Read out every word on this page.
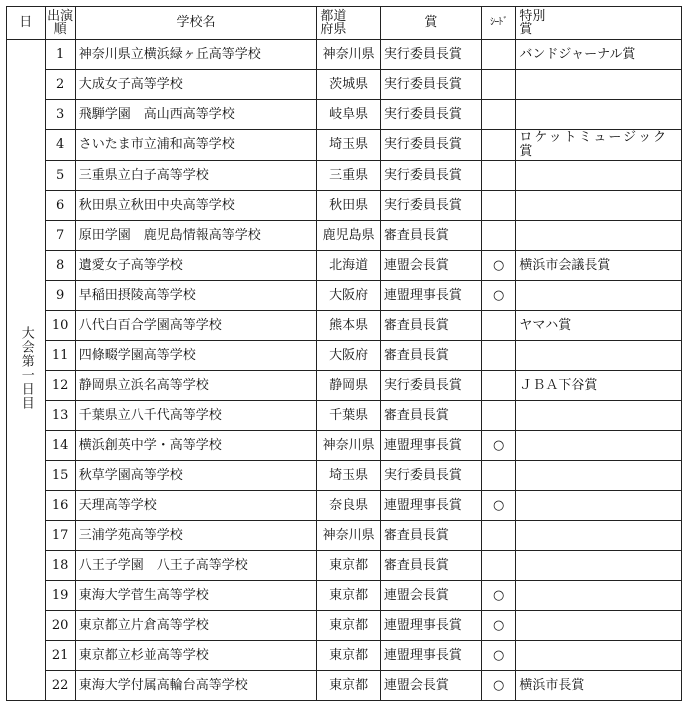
日	出演順	学校名	都道府県	賞	ｼｰﾄﾞ	特別賞

大会第一日目	1	神奈川県立横浜緑ヶ丘高等学校	神奈川県	実行委員長賞		バンドジャーナル賞
	2	大成女子高等学校	茨城県	実行委員長賞		
	3	飛騨学園　高山西高等学校	岐阜県	実行委員長賞		
	4	さいたま市立浦和高等学校	埼玉県	実行委員長賞		ロケットミュージック賞
	5	三重県立白子高等学校	三重県	実行委員長賞		
	6	秋田県立秋田中央高等学校	秋田県	実行委員長賞		
	7	原田学園　鹿児島情報高等学校	鹿児島県	審査員長賞		
	8	遺愛女子高等学校	北海道	連盟会長賞	○	横浜市会議長賞
	9	早稲田摂陵高等学校	大阪府	連盟理事長賞	○	
	10	八代白百合学園高等学校	熊本県	審査員長賞		ヤマハ賞
	11	四條畷学園高等学校	大阪府	審査員長賞		
	12	静岡県立浜名高等学校	静岡県	実行委員長賞		ＪＢＡ下谷賞
	13	千葉県立八千代高等学校	千葉県	審査員長賞		
	14	横浜創英中学・高等学校	神奈川県	連盟理事長賞	○	
	15	秋草学園高等学校	埼玉県	実行委員長賞		
	16	天理高等学校	奈良県	連盟理事長賞	○	
	17	三浦学苑高等学校	神奈川県	審査員長賞		
	18	八王子学園　八王子高等学校	東京都	審査員長賞		
	19	東海大学菅生高等学校	東京都	連盟会長賞	○	
	20	東京都立片倉高等学校	東京都	連盟理事長賞	○	
	21	東京都立杉並高等学校	東京都	連盟理事長賞	○	
	22	東海大学付属高輪台高等学校	東京都	連盟会長賞	○	横浜市長賞
